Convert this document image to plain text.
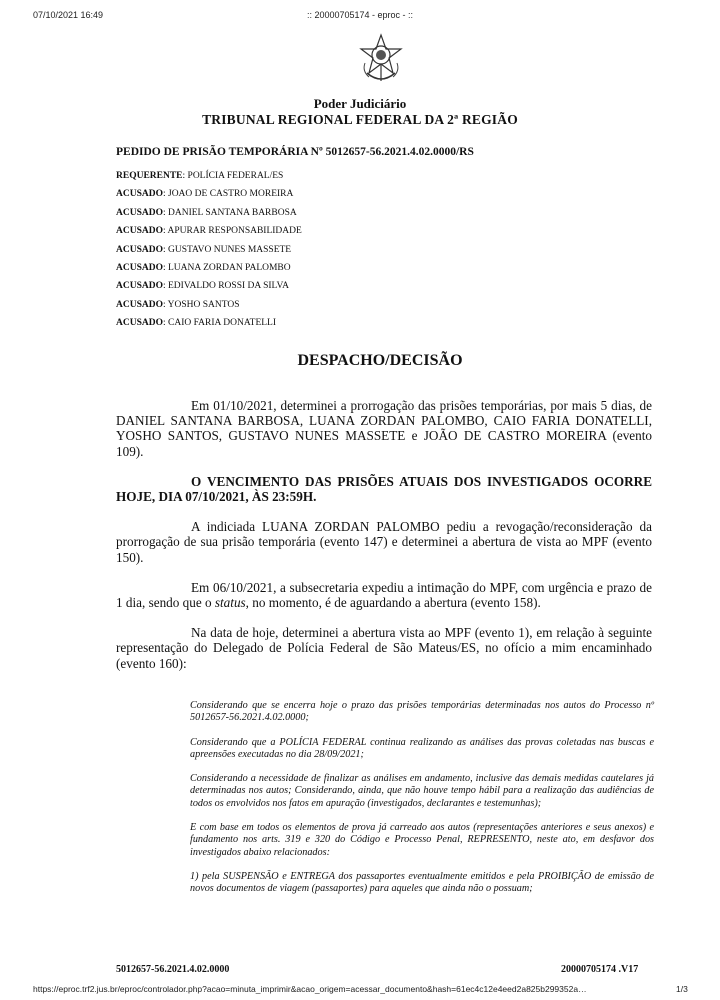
07/10/2021 16:49	:: 20000705174 - eproc - ::
Poder Judiciário
TRIBUNAL REGIONAL FEDERAL DA 2ª REGIÃO
PEDIDO DE PRISÃO TEMPORÁRIA Nº 5012657-56.2021.4.02.0000/RS
REQUERENTE: POLÍCIA FEDERAL/ES
ACUSADO: JOAO DE CASTRO MOREIRA
ACUSADO: DANIEL SANTANA BARBOSA
ACUSADO: APURAR RESPONSABILIDADE
ACUSADO: GUSTAVO NUNES MASSETE
ACUSADO: LUANA ZORDAN PALOMBO
ACUSADO: EDIVALDO ROSSI DA SILVA
ACUSADO: YOSHO SANTOS
ACUSADO: CAIO FARIA DONATELLI
DESPACHO/DECISÃO

Em 01/10/2021, determinei a prorrogação das prisões temporárias, por mais 5 dias, de DANIEL SANTANA BARBOSA, LUANA ZORDAN PALOMBO, CAIO FARIA DONATELLI, YOSHO SANTOS, GUSTAVO NUNES MASSETE e JOÃO DE CASTRO MOREIRA (evento 109).

O VENCIMENTO DAS PRISÕES ATUAIS DOS INVESTIGADOS OCORRE HOJE, DIA 07/10/2021, ÀS 23:59H.

A indiciada LUANA ZORDAN PALOMBO pediu a revogação/reconsideração da prorrogação de sua prisão temporária (evento 147) e determinei a abertura de vista ao MPF (evento 150).

Em 06/10/2021, a subsecretaria expediu a intimação do MPF, com urgência e prazo de 1 dia, sendo que o status, no momento, é de aguardando a abertura (evento 158).

Na data de hoje, determinei a abertura vista ao MPF (evento 1), em relação à seguinte representação do Delegado de Polícia Federal de São Mateus/ES, no ofício a mim encaminhado (evento 160):

Considerando que se encerra hoje o prazo das prisões temporárias determinadas nos autos do Processo nº 5012657-56.2021.4.02.0000;

Considerando que a POLÍCIA FEDERAL continua realizando as análises das provas coletadas nas buscas e apreensões executadas no dia 28/09/2021;

Considerando a necessidade de finalizar as análises em andamento, inclusive das demais medidas cautelares já determinadas nos autos; Considerando, ainda, que não houve tempo hábil para a realização das audiências de todos os envolvidos nos fatos em apuração (investigados, declarantes e testemunhas);

E com base em todos os elementos de prova já carreado aos autos (representações anteriores e seus anexos) e fundamento nos arts. 319 e 320 do Código e Processo Penal, REPRESENTO, neste ato, em desfavor dos investigados abaixo relacionados:

1) pela SUSPENSÃO e ENTREGA dos passaportes eventualmente emitidos e pela PROIBIÇÃO de emissão de novos documentos de viagem (passaportes) para aqueles que ainda não o possuam;

5012657-56.2021.4.02.0000	20000705174 .V17
https://eproc.trf2.jus.br/eproc/controlador.php?acao=minuta_imprimir&acao_origem=acessar_documento&hash=61ec4c12e4eed2a825b299352a…	1/3
